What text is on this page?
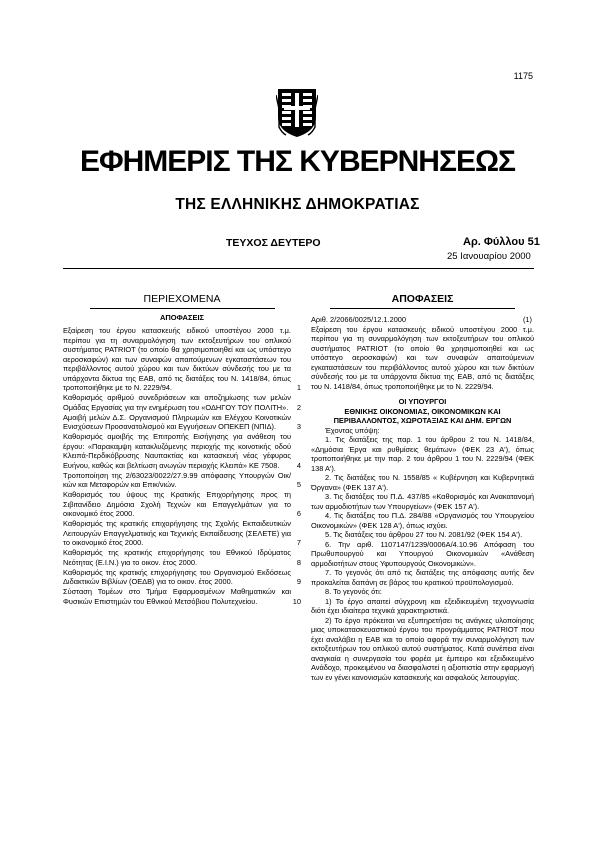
1175
ΕΦΗΜΕΡΙΣ ΤΗΣ ΚΥΒΕΡΝΗΣΕΩΣ
ΤΗΣ ΕΛΛΗΝΙΚΗΣ ΔΗΜΟΚΡΑΤΙΑΣ
ΤΕΥΧΟΣ ΔΕΥΤΕΡΟ	Αρ. Φύλλου 51
25 Ιανουαρίου 2000
ΠΕΡΙΕΧΟΜΕΝΑ	ΑΠΟΦΑΣΕΙΣ
ΑΠΟΦΑΣΕΙΣ
Εξαίρεση του έργου κατασκευής ειδικού υποστέγου 2000 τ.μ. περίπου για τη συναρμολόγηση των εκτοξευτήρων του οπλικού συστήματος PATRIOT (το οποίο θα χρησιμοποιηθεί και ως υπόστεγο αεροσκαφών) και των συναφών απαιτούμενων εγκαταστάσεων του περιβάλλοντος αυτού χώρου και των δικτύων σύνδεσής του με τα υπάρχοντα δίκτυα της ΕΑΒ, από τις διατάξεις του Ν. 1418/84, όπως τροποποιήθηκε με το Ν. 2229/94.	1
Καθορισμός αριθμού συνεδριάσεων και αποζημίωσης των μελών Ομάδας Εργασίας για την ενημέρωση του «ΟΔΗΓΟΥ ΤΟΥ ΠΟΛΙΤΗ».	2
Αμοιβή μελών Δ.Σ. Οργανισμού Πληρωμών και Ελέγχου Κοινοτικών Ενισχύσεων Προσανατολισμού και Εγγυήσεων ΟΠΕΚΕΠ (ΝΠΙΔ).	3
Καθορισμός αμοιβής της Επιτροπής Εισήγησης για ανάθεση του έργου: «Παρακαμψη κατακλυζόμενης περιοχής της κοινοτικής οδού Κλειπά-Περδικόβρυσης Ναυπακτίας και κατασκευή νέας γέφυρας Ευήνου, καθώς και βελτίωση ανωγών περιοχής Κλειπά» ΚΕ 7508.	4
Τροποποίηση της 2/63023/0022/27.9.99 απόφασης Υπουργών Οικ/κών και Μεταφορών και Επικ/νιών.	5
Καθορισμός του ύψους της Κρατικής Επιχορήγησης προς τη Σιβιτανίδειο Δημόσια Σχολή Τεχνών και Επαγγελμάτων για το οικονομικό έτος 2000.	6
Καθορισμός της κρατικής επιχορήγησης της Σχολής Εκπαιδευτικών Λειτουργών Επαγγελματικής και Τεχνικής Εκπαίδευσης (ΣΕΛΕΤΕ) για το οικονομικό έτος 2000.	7
Καθορισμός της κρατικής επιχορήγησης του Εθνικού Ιδρύματος Νεότητας (Ε.Ι.Ν.) για το οικον. έτος 2000.	8
Καθορισμός της κρατικής επιχορήγησης του Οργανισμού Εκδόσεως Διδακτικών Βιβλίων (ΟΕΔΒ) για το οικον. έτος 2000.	9
Σύσταση Τομέων στο Τμήμα Εφαρμοσμένων Μαθηματικών και Φυσικών Επιστημών του Εθνικού Μετσόβιου Πολυτεχνείου.	10
Αριθ. 2/2066/0025/12.1.2000	(1)

Εξαίρεση του έργου κατασκευής ειδικού υποστέγου 2000 τ.μ. περίπου για τη συναρμολόγηση των εκτοξευτήρων του οπλικού συστήματος PATRIOT (το οποίο θα χρησιμοποιηθεί και ως υπόστεγο αεροσκαφών) και των συναφών απαιτούμενων εγκαταστάσεων του περιβάλλοντος αυτού χώρου και των δικτύων σύνδεσής του με τα υπάρχοντα δίκτυα της ΕΑΒ, από τις διατάξεις του Ν. 1418/84, όπως τροποποιήθηκε με το Ν. 2229/94.

ΟΙ ΥΠΟΥΡΓΟΙ

ΕΘΝΙΚΗΣ ΟΙΚΟΝΟΜΙΑΣ, ΟΙΚΟΝΟΜΙΚΩΝ ΚΑΙ

ΠΕΡΙΒΑΛΛΟΝΤΟΣ, ΧΩΡΟΤΑΞΙΑΣ ΚΑΙ ΔΗΜ. ΕΡΓΩΝ

Έχοντας υπόψη:

1. Τις διατάξεις της παρ. 1 του άρθρου 2 του Ν. 1418/84, «Δημόσια Έργα και ρυθμίσεις θεμάτων» (ΦΕΚ 23 Α'), όπως τροποποιήθηκε με την παρ. 2 του άρθρου 1 του Ν. 2229/94 (ΦΕΚ 138 Α').

2. Τις διατάξεις του Ν. 1558/85 « Κυβέρνηση και Κυβερνητικά Όργανα» (ΦΕΚ 137 Α').

3. Τις διατάξεις του Π.Δ. 437/85 «Καθορισμός και Ανακατανομή των αρμοδιοτήτων των Υπουργείων» (ΦΕΚ 157 Α').

4. Τις διατάξεις του Π.Δ. 284/88 «Οργανισμός του Υπουργείου Οικονομικών» (ΦΕΚ 128 Α'), όπως ισχύει.

5. Τις διατάξεις του άρθρου 27 του Ν. 2081/92 (ΦΕΚ 154 Α').

6. Την αριθ. 1107147/1239/0006Α/4.10.96 Απόφαση του Πρωθυπουργού και Υπουργού Οικονομικών «Ανάθεση αρμοδιοτήτων στους Υφυπουργούς Οικονομικών».

7. Το γεγονός ότι από τις διατάξεις της απόφασης αυτής δεν προκαλείται δαπάνη σε βάρος του κρατικού προϋπολογισμού.

8. Το γεγονός ότι:

1) Το έργο απαιτεί σύγχρονη και εξειδικευμένη τεχνογνωσία διότι έχει ιδιαίτερα τεχνικά χαρακτηριστικά.

2) Το έργο πρόκειται να εξυπηρετήσει τις ανάγκες υλοποίησης μιας υποκατασκευαστικού έργου του προγράμματος PATRIOT που έχει αναλάβει η ΕΑΒ και το οποίο αφορά την συναρμολόγηση των εκτοξευτήρων του οπλικού αυτού συστήματος. Κατά συνέπεια είναι αναγκαία η συνεργασία του φορέα με έμπειρο και εξειδικευμένο Ανάδοχο, προκειμένου να διασφαλιστεί η αξιοπιστία στην εφαρμογή των εν γένει κανονισμών κατασκευής και ασφαλούς λειτουργίας.
